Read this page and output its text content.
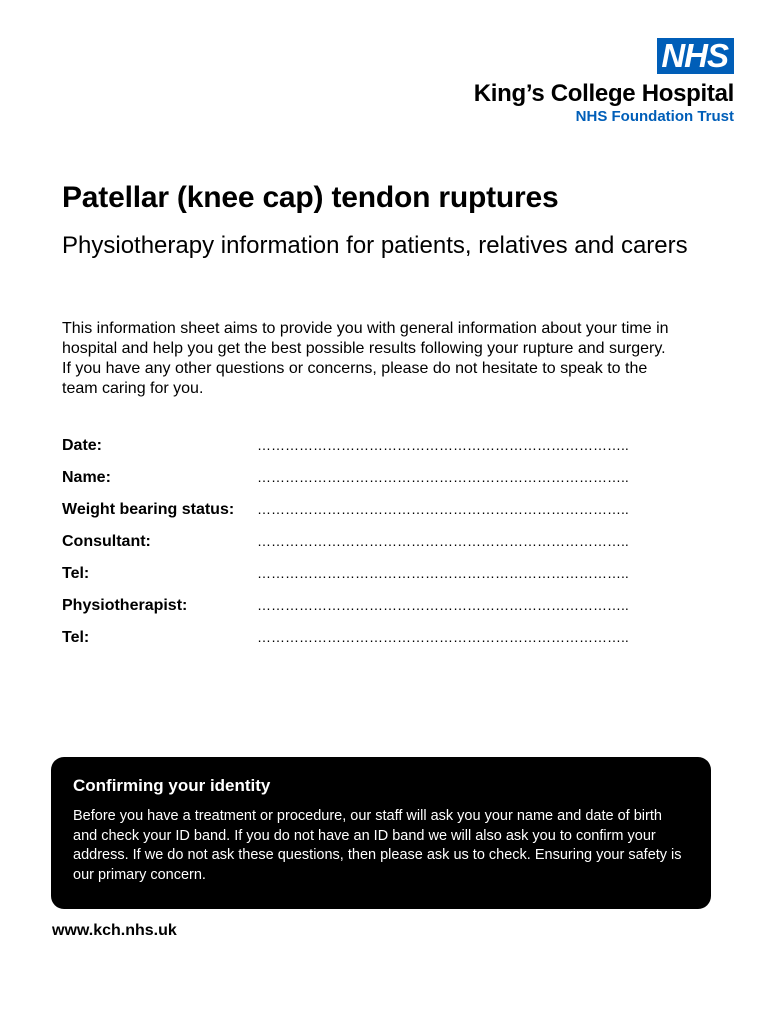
NHS
King’s College Hospital
NHS Foundation Trust
Patellar (knee cap) tendon ruptures
Physiotherapy information for patients, relatives and carers

This information sheet aims to provide you with general information about your time in hospital and help you get the best possible results following your rupture and surgery. If you have any other questions or concerns, please do not hesitate to speak to the team caring for you.

Date:	……………………………………………………………………..
Name:	……………………………………………………………………..
Weight bearing status:	……………………………………………………………………..
Consultant:	……………………………………………………………………..
Tel:	……………………………………………………………………..
Physiotherapist:	……………………………………………………………………..
Tel:	……………………………………………………………………..
Confirming your identity

Before you have a treatment or procedure, our staff will ask you your name and date of birth and check your ID band. If you do not have an ID band we will also ask you to confirm your address. If we do not ask these questions, then please ask us to check. Ensuring your safety is our primary concern.

www.kch.nhs.uk
